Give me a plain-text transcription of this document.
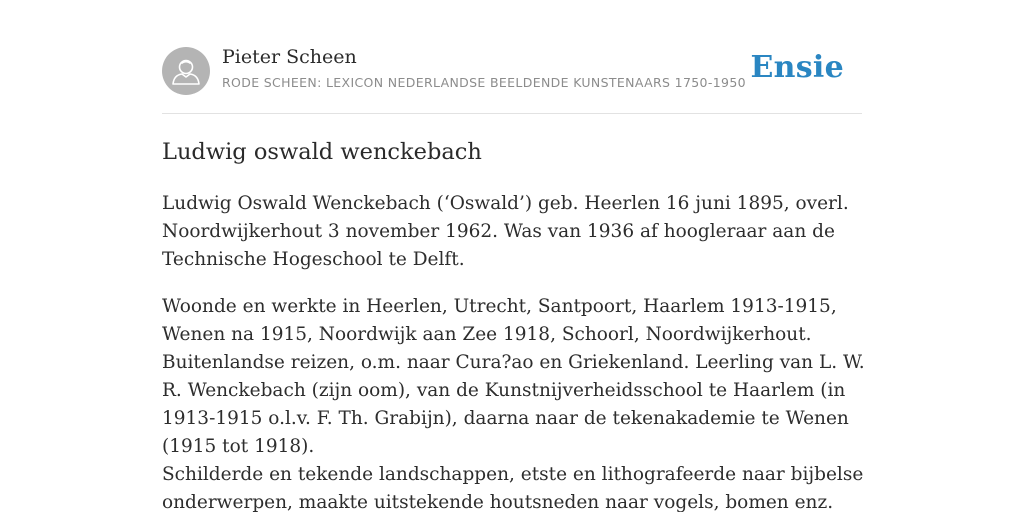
Pieter Scheen
RODE SCHEEN: LEXICON NEDERLANDSE BEELDENDE KUNSTENAARS 1750-1950 Ensie
Ludwig oswald wenckebach

Ludwig Oswald Wenckebach (‘Oswald’) geb. Heerlen 16 juni 1895, overl. Noordwijkerhout 3 november 1962. Was van 1936 af hoogleraar aan de Technische Hogeschool te Delft.

Woonde en werkte in Heerlen, Utrecht, Santpoort, Haarlem 1913-1915, Wenen na 1915, Noordwijk aan Zee 1918, Schoorl, Noordwijkerhout. Buitenlandse reizen, o.m. naar Cura?ao en Griekenland. Leerling van L. W. R. Wenckebach (zijn oom), van de Kunstnijverheidsschool te Haarlem (in 1913-1915 o.l.v. F. Th. Grabijn), daarna naar de tekenakademie te Wenen (1915 tot 1918).

Schilderde en tekende landschappen, etste en lithografeerde naar bijbelse onderwerpen, maakte uitstekende houtsneden naar vogels, bomen enz.
